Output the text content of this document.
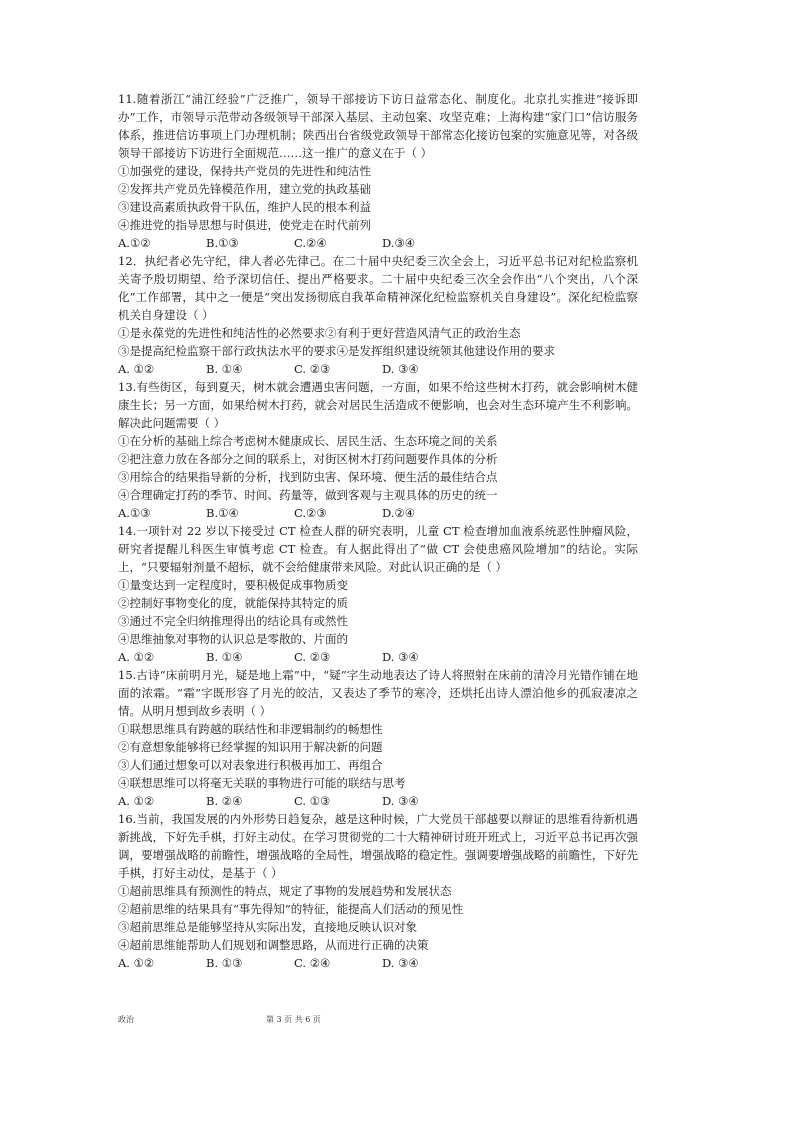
11.随着浙江“浦江经验”广泛推广，领导干部接访下访日益常态化、制度化。北京扎实推进“接诉即办”工作，市领导示范带动各级领导干部深入基层、主动包案、攻坚克难；上海构建“家门口”信访服务体系，推进信访事项上门办理机制；陕西出台省级党政领导干部常态化接访包案的实施意见等，对各级领导干部接访下访进行全面规范……这一推广的意义在于（ ）

①加强党的建设，保持共产党员的先进性和纯洁性

②发挥共产党员先锋模范作用，建立党的执政基础

③建设高素质执政骨干队伍，维护人民的根本利益

④推进党的指导思想与时俱进，使党走在时代前列

A.①②	B.①③	C.②④	D.③④

12．执纪者必先守纪，律人者必先律己。在二十届中央纪委三次全会上，习近平总书记对纪检监察机关寄予殷切期望、给予深切信任、提出严格要求。二十届中央纪委三次全会作出“八个突出，八个深化”工作部署，其中之一便是“突出发扬彻底自我革命精神深化纪检监察机关自身建设”。深化纪检监察机关自身建设（ ）

①是永葆党的先进性和纯洁性的必然要求②有利于更好营造风清气正的政治生态

③是提高纪检监察干部行政执法水平的要求④是发挥组织建设统领其他建设作用的要求

A. ①②	B. ①④	C. ②③	D. ③④

13.有些街区，每到夏天，树木就会遭遇虫害问题，一方面，如果不给这些树木打药，就会影响树木健康生长；另一方面，如果给树木打药，就会对居民生活造成不便影响，也会对生态环境产生不利影响。解决此问题需要（ ）

①在分析的基础上综合考虑树木健康成长、居民生活、生态环境之间的关系

②把注意力放在各部分之间的联系上，对街区树木打药问题要作具体的分析

③用综合的结果指导新的分析，找到防虫害、保环境、便生活的最佳结合点

④合理确定打药的季节、时间、药量等，做到客观与主观具体的历史的统一

A.①③	B.①④	C.②③	D.②④

14.一项针对 22 岁以下接受过 CT 检查人群的研究表明，儿童 CT 检查增加血液系统恶性肿瘤风险，研究者提醒儿科医生审慎考虑 CT 检查。有人据此得出了“做 CT 会使患癌风险增加”的结论。实际上，“只要辐射剂量不超标，就不会给健康带来风险。对此认识正确的是（ ）

①量变达到一定程度时，要积极促成事物质变

②控制好事物变化的度，就能保持其特定的质

③通过不完全归纳推理得出的结论具有或然性

④思维抽象对事物的认识总是零散的、片面的

A. ①②	B. ①④	C. ②③	D. ③④

15.古诗“床前明月光，疑是地上霜”中，“疑”字生动地表达了诗人将照射在床前的清冷月光错作铺在地面的浓霜。“霜”字既形容了月光的皎洁，又表达了季节的寒冷，还烘托出诗人漂泊他乡的孤寂凄凉之情。从明月想到故乡表明（ ）

①联想思维具有跨越的联结性和非逻辑制约的畅想性

②有意想象能够将已经掌握的知识用于解决新的问题

③人们通过想象可以对表象进行积极再加工、再组合

④联想思维可以将毫无关联的事物进行可能的联结与思考

A. ①②	B. ②④	C. ①③	D. ③④

16.当前，我国发展的内外形势日趋复杂，越是这种时候，广大党员干部越要以辩证的思维看待新机遇新挑战，下好先手棋，打好主动仗。在学习贯彻党的二十大精神研讨班开班式上，习近平总书记再次强调，要增强战略的前瞻性，增强战略的全局性，增强战略的稳定性。强调要增强战略的前瞻性，下好先手棋，打好主动仗，是基于（ ）

①超前思维具有预测性的特点，规定了事物的发展趋势和发展状态

②超前思维的结果具有“事先得知”的特征，能提高人们活动的预见性

③超前思维总是能够坚持从实际出发，直接地反映认识对象

④超前思维能帮助人们规划和调整思路，从而进行正确的决策

A. ①②	B. ①③	C. ②④	D. ③④
政治	第 3 页 共 6 页
